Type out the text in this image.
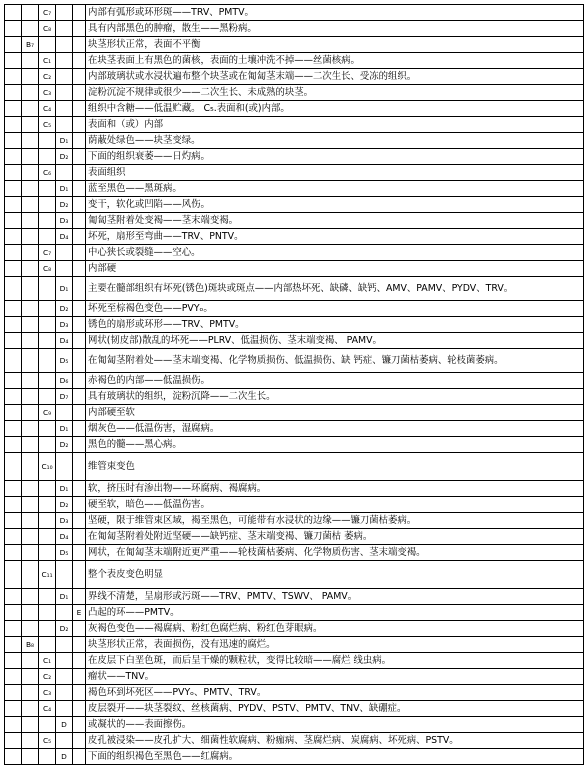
		C₇			内部有弧形或环形斑——TRV、PMTV。
		C₈			具有内部黑色的肿瘤，散生——黑粉病。
	B₇				块茎形状正常，表面不平衡
		C₁			在块茎表面上有黑色的菌核，表面的土壤冲洗不掉——丝菌核病。
		C₂			内部玻璃状或水浸状遍布整个块茎或在匍匐茎末端——二次生长、受冻的组织。
		C₃			淀粉沉淀不规律或很少——二次生长、未成熟的块茎。
		C₄			组织中含糖——低温贮藏。 C₅.表面和(或)内部。
		C₅			表面和（或）内部
			D₁		荫蔽处绿色——块茎变绿。
			D₂		下面的组织衰萎——日灼病。
		C₆			表面组织
			D₁		蓝至黑色——黑斑病。
			D₂		变干，软化或凹陷——风伤。
			D₃		匍匐茎附着处变褐——茎末端变褐。
			D₄		坏死，扇形至弯曲——TRV、PNTV。
		C₇			中心狭长或裂缝——空心。
		C₈			内部硬
			D₁		主要在髓部组织有坏死(锈色)斑块或斑点——内部热坏死、缺磷、缺钙、AMV、PAMV、PYDV、TRV。
			D₂		坏死至棕褐色变色——PVYₒ。
			D₃		锈色的扇形或环形——TRV、PMTV。
			D₄		网状(韧皮部)散乱的坏死——PLRV、低温损伤、茎末端变褐、 PAMV。
			D₅		在匍匐茎附着处——茎末端变褐、化学物质损伤、低温损伤、缺 钙症、镰刀菌枯萎病、轮枝菌萎病。
			D₆		赤褐色的内部——低温损伤。
			D₇		具有玻璃状的组织，淀粉沉降——二次生长。
		C₉			内部硬至软
			D₁		烟灰色——低温伤害，湿腐病。
			D₂		黑色的髓——黑心病。
		C₁₀			维管束变色
			D₁		软，挤压时有渗出物——环腐病、褐腐病。
			D₂		硬至软，暗色——低温伤害。
			D₃		坚硬，限于维管束区域，褐至黑色，可能带有水浸状的边缘——镰刀菌枯萎病。
			D₄		在匍匐茎附着处附近坚硬——缺钙症、茎末端变褐、镰刀菌枯 萎病。
			D₅		网状，在匍匐茎末端附近更严重——轮枝菌枯萎病、化学物质伤害、茎末端变褐。
		C₁₁			整个表皮变色明显
			D₁		界线不清楚，呈扇形或污斑——TRV、PMTV、TSWV、 PAMV。
				E	凸起的环——PMTV。
			D₂		灰褐色变色——褐腐病、粉红色腐烂病、粉红色芽眼病。
	B₈				块茎形状正常，表面损伤，没有迅速的腐烂。
		C₁			在皮层下白垩色斑，而后呈干燥的颗粒状，变得比较暗——腐烂 线虫病。
		C₂			瘤状——TNV。
		C₃			褐色环到坏死区——PVYₒ、PMTV、TRV。
		C₄			皮层裂开——块茎裂纹、丝核菌病、PYDV、PSTV、PMTV、TNV、缺硼症。
			D		或凝状的——表面擦伤。
		C₅			皮孔被浸染——皮孔扩大、细菌性软腐病、粉痂病、茎腐烂病、炭腐病、坏死病、PSTV。
			D		下面的组织褐色至黑色——红腐病。
